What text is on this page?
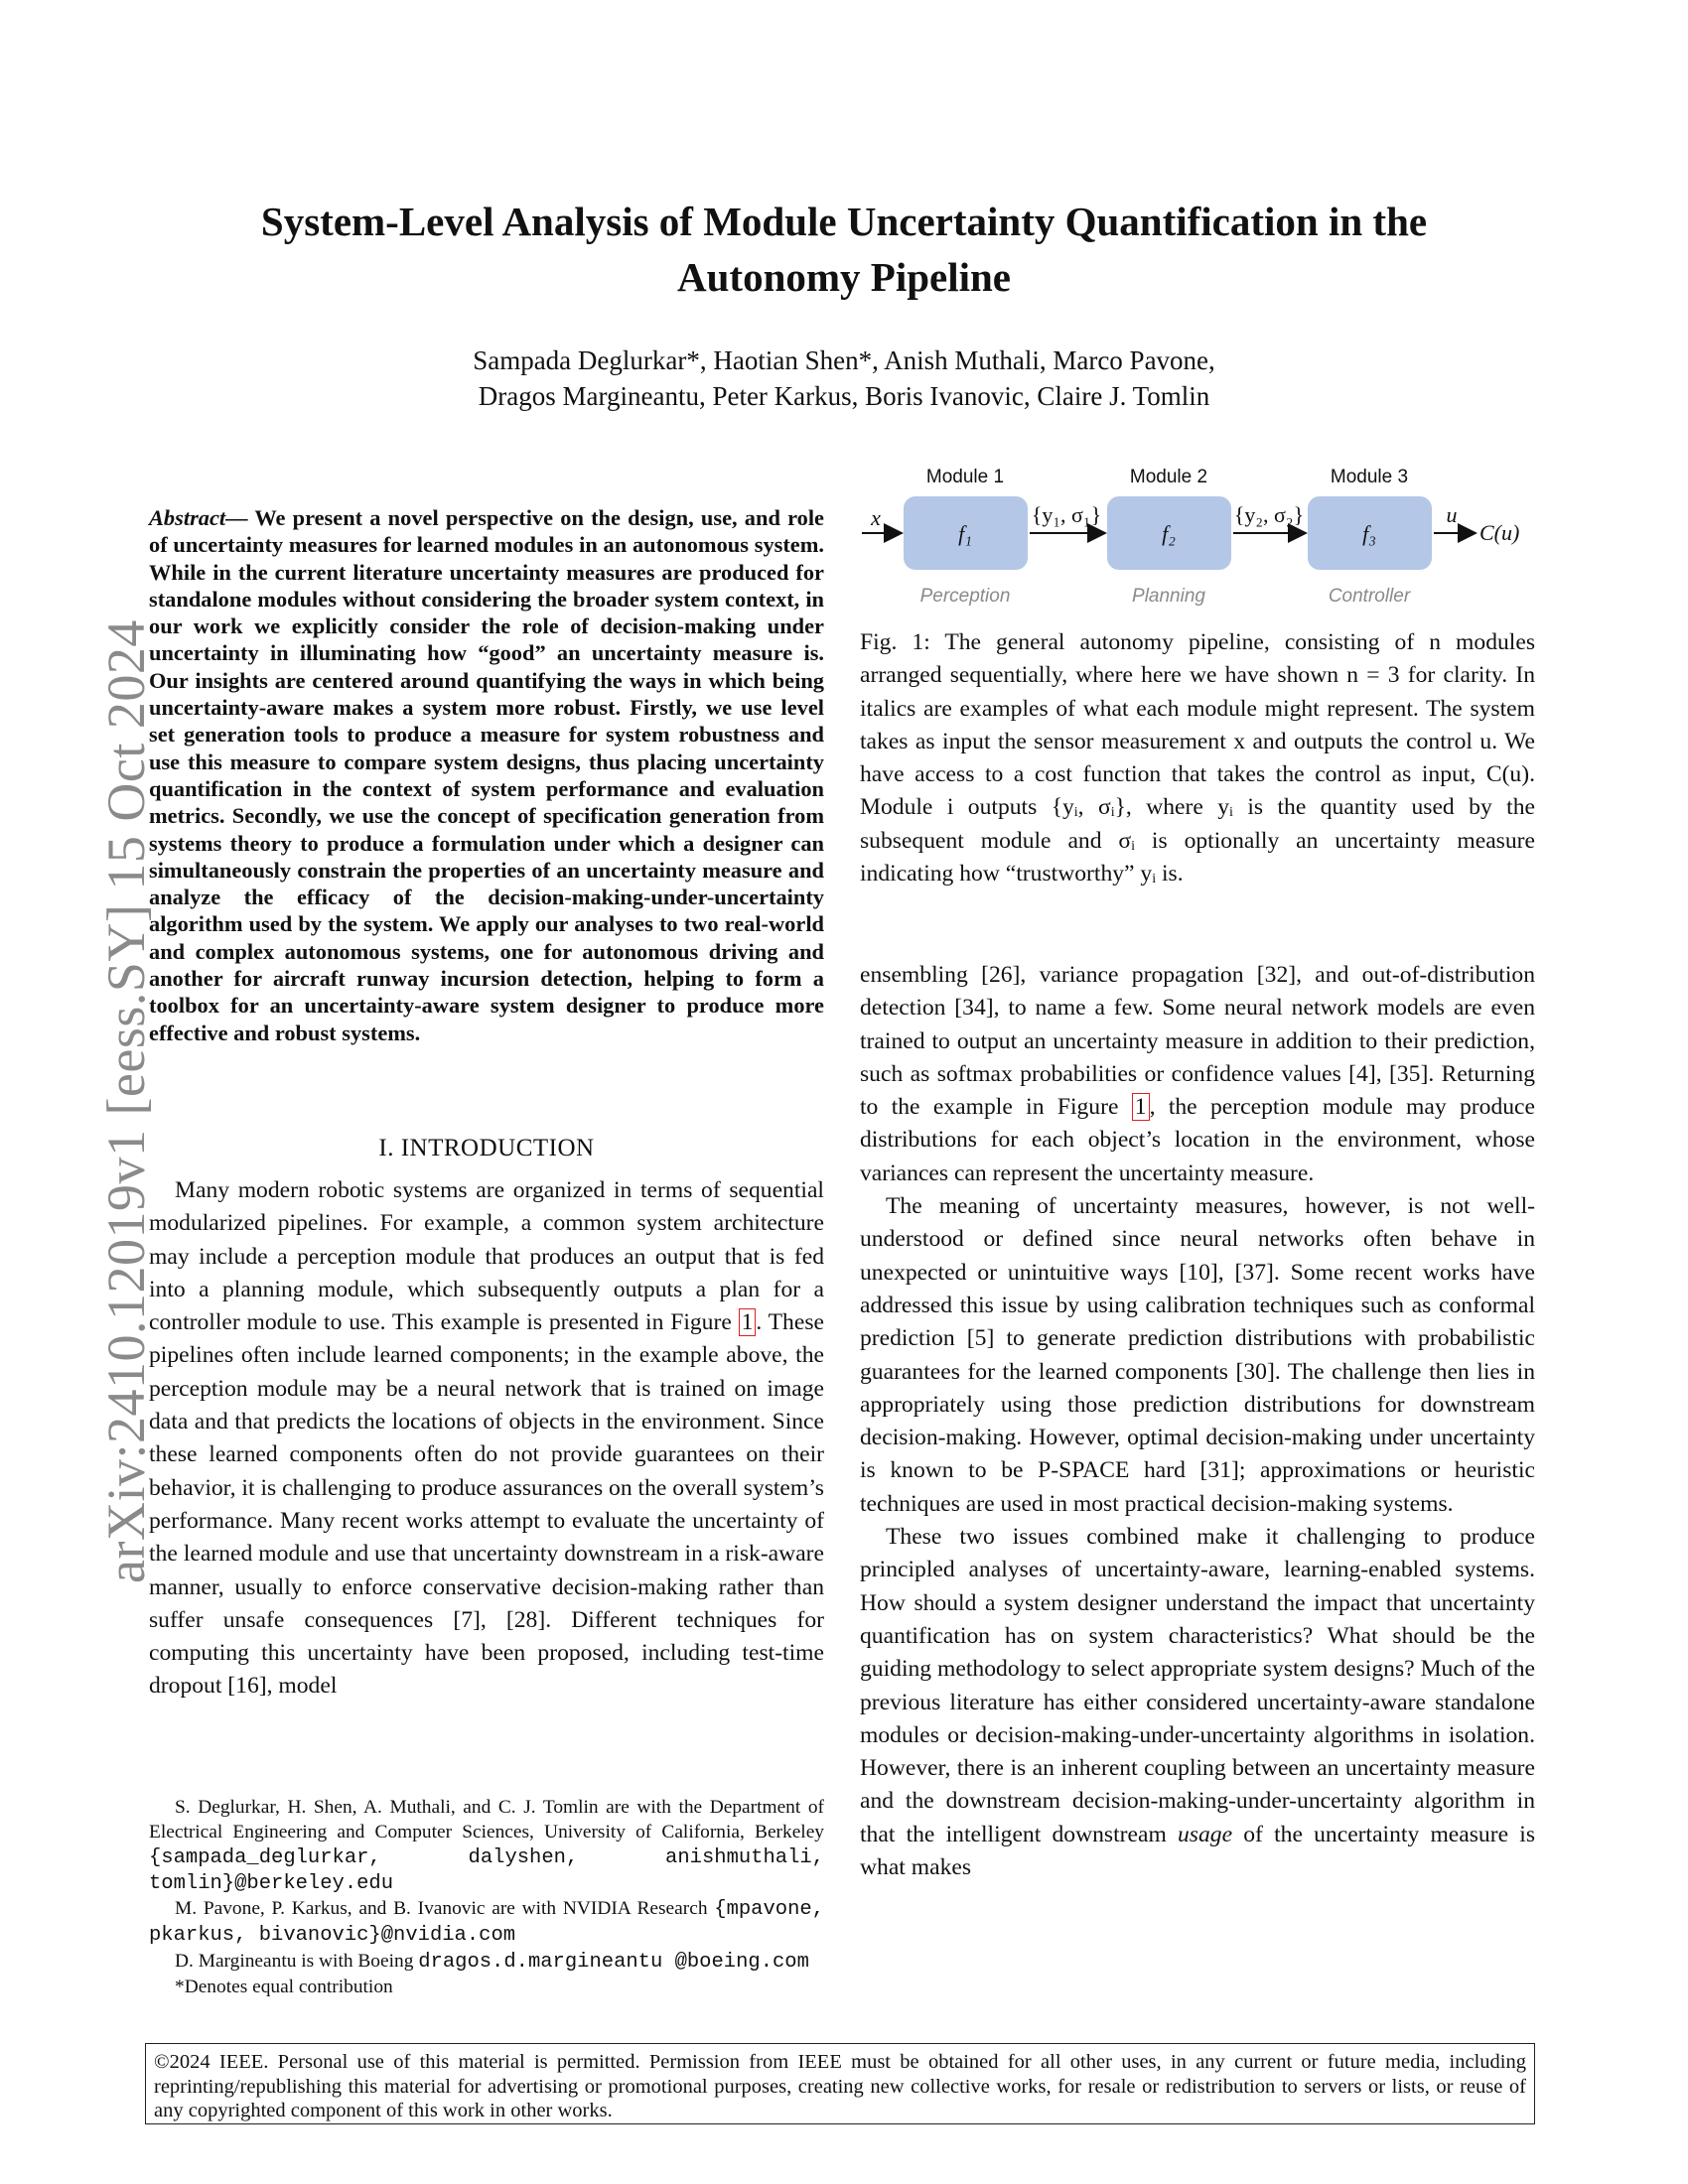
arXiv:2410.12019v1 [eess.SY] 15 Oct 2024
System-Level Analysis of Module Uncertainty Quantification in the
Autonomy Pipeline
Sampada Deglurkar*, Haotian Shen*, Anish Muthali, Marco Pavone,
Dragos Margineantu, Peter Karkus, Boris Ivanovic, Claire J. Tomlin
Abstract— We present a novel perspective on the design, use, and role of uncertainty measures for learned modules in an autonomous system. While in the current literature uncertainty measures are produced for standalone modules without considering the broader system context, in our work we explicitly consider the role of decision-making under uncertainty in illuminating how “good” an uncertainty measure is. Our insights are centered around quantifying the ways in which being uncertainty-aware makes a system more robust. Firstly, we use level set generation tools to produce a measure for system robustness and use this measure to compare system designs, thus placing uncertainty quantification in the context of system performance and evaluation metrics. Secondly, we use the concept of specification generation from systems theory to produce a formulation under which a designer can simultaneously constrain the properties of an uncertainty measure and analyze the efficacy of the decision-making-under-uncertainty algorithm used by the system. We apply our analyses to two real-world and complex autonomous systems, one for autonomous driving and another for aircraft runway incursion detection, helping to form a toolbox for an uncertainty-aware system designer to produce more effective and robust systems.
I. INTRODUCTION

Many modern robotic systems are organized in terms of sequential modularized pipelines. For example, a common system architecture may include a perception module that produces an output that is fed into a planning module, which subsequently outputs a plan for a controller module to use. This example is presented in Figure 1 . These pipelines often include learned components; in the example above, the perception module may be a neural network that is trained on image data and that predicts the locations of objects in the environment. Since these learned components often do not provide guarantees on their behavior, it is challenging to produce assurances on the overall system’s performance. Many recent works attempt to evaluate the uncertainty of the learned module and use that uncertainty downstream in a risk-aware manner, usually to enforce conservative decision-making rather than suffer unsafe consequences [7], [28]. Different techniques for computing this uncertainty have been proposed, including test-time dropout [16], model

S. Deglurkar, H. Shen, A. Muthali, and C. J. Tomlin are with the Department of Electrical Engineering and Computer Sciences, University of California, Berkeley {sampada_deglurkar, dalyshen, anishmuthali, tomlin}@berkeley.edu

M. Pavone, P. Karkus, and B. Ivanovic are with NVIDIA Research {mpavone, pkarkus, bivanovic}@nvidia.com

D. Margineantu is with Boeing dragos.d.margineantu @boeing.com

*Denotes equal contribution

Module 1	Module 2	Module 3
f₁	f₂	f₃
x	{y₁, σ₁}	{y₂, σ₂}	u
C(u)
Perception	Planning	Controller
Fig. 1: The general autonomy pipeline, consisting of n modules arranged sequentially, where here we have shown n = 3 for clarity. In italics are examples of what each module might represent. The system takes as input the sensor measurement x and outputs the control u. We have access to a cost function that takes the control as input, C(u). Module i outputs {yᵢ, σᵢ}, where yᵢ is the quantity used by the subsequent module and σᵢ is optionally an uncertainty measure indicating how “trustworthy” yᵢ is.

ensembling [26], variance propagation [32], and out-of-distribution detection [34], to name a few. Some neural network models are even trained to output an uncertainty measure in addition to their prediction, such as softmax probabilities or confidence values [4], [35]. Returning to the example in Figure 1 , the perception module may produce distributions for each object’s location in the environment, whose variances can represent the uncertainty measure.

The meaning of uncertainty measures, however, is not well-understood or defined since neural networks often behave in unexpected or unintuitive ways [10], [37]. Some recent works have addressed this issue by using calibration techniques such as conformal prediction [5] to generate prediction distributions with probabilistic guarantees for the learned components [30]. The challenge then lies in appropriately using those prediction distributions for downstream decision-making. However, optimal decision-making under uncertainty is known to be P-SPACE hard [31]; approximations or heuristic techniques are used in most practical decision-making systems.

These two issues combined make it challenging to produce principled analyses of uncertainty-aware, learning-enabled systems. How should a system designer understand the impact that uncertainty quantification has on system characteristics? What should be the guiding methodology to select appropriate system designs? Much of the previous literature has either considered uncertainty-aware standalone modules or decision-making-under-uncertainty algorithms in isolation. However, there is an inherent coupling between an uncertainty measure and the downstream decision-making-under-uncertainty algorithm in that the intelligent downstream usage of the uncertainty measure is what makes

©2024 IEEE. Personal use of this material is permitted. Permission from IEEE must be obtained for all other uses, in any current or future media, including reprinting/republishing this material for advertising or promotional purposes, creating new collective works, for resale or redistribution to servers or lists, or reuse of any copyrighted component of this work in other works.
